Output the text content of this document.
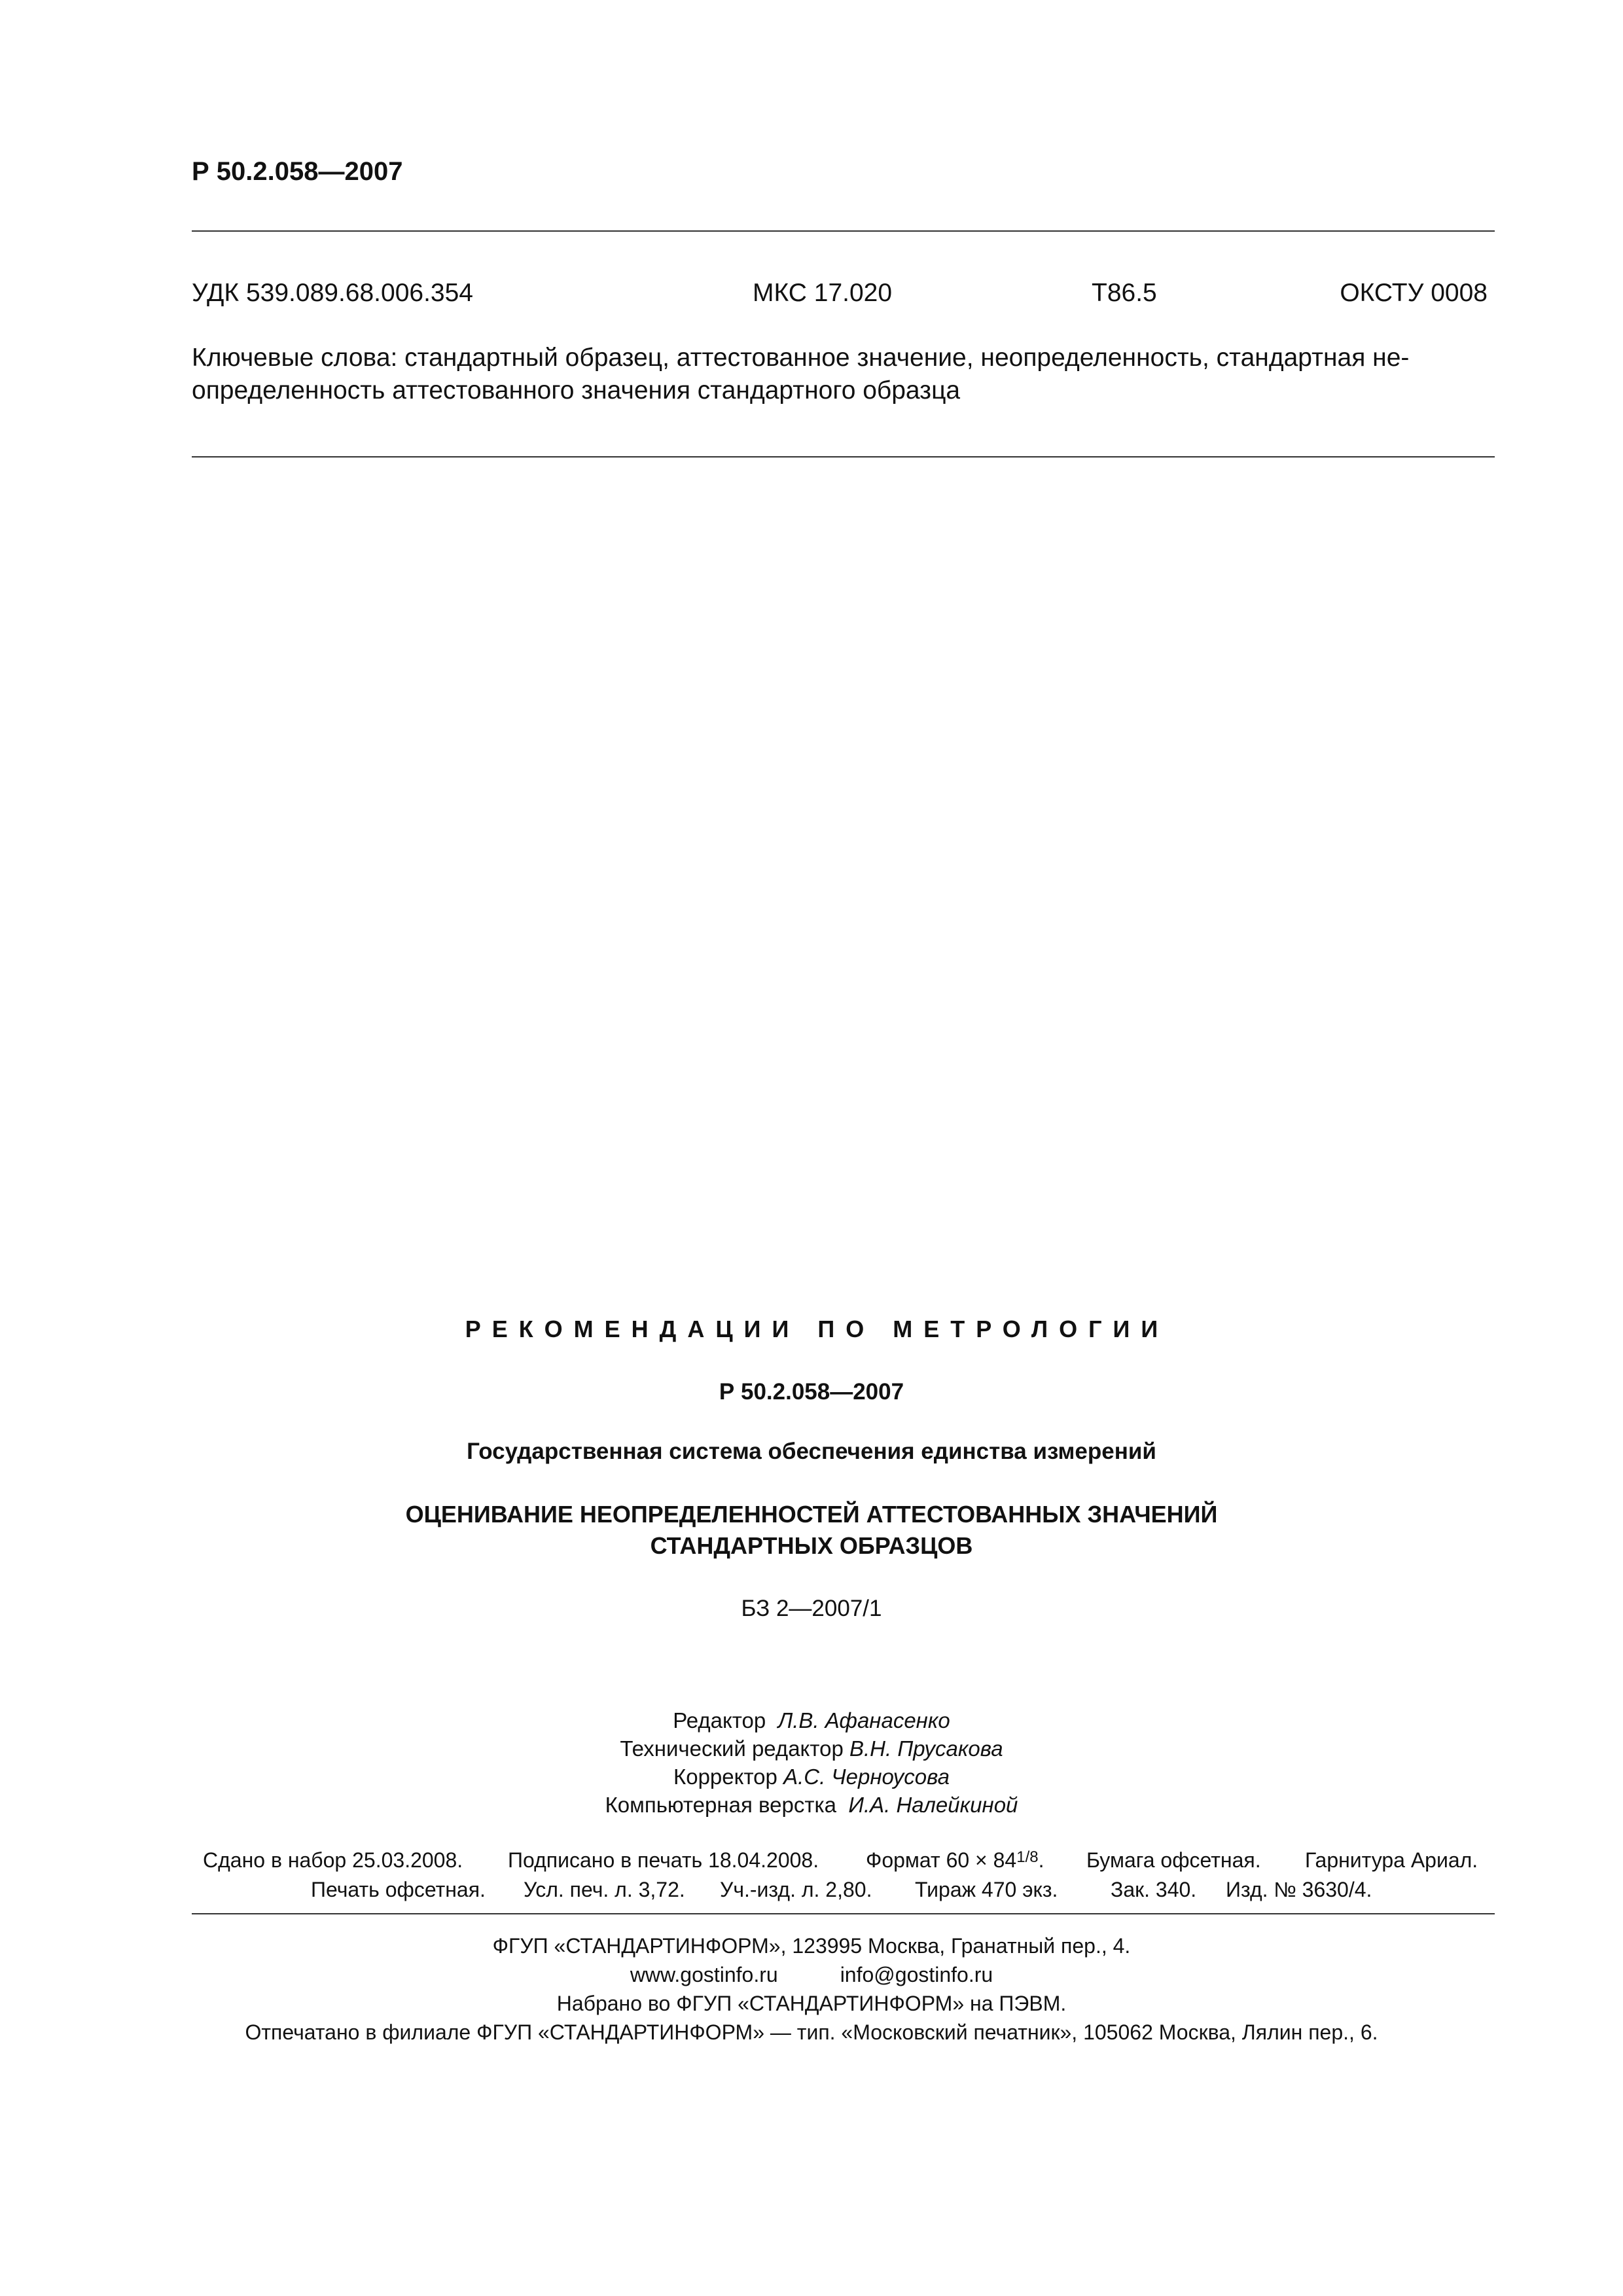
Р 50.2.058—2007
УДК 539.089.68.006.354	МКС 17.020	Т86.5	ОКСТУ 0008
Ключевые слова: стандартный образец, аттестованное значение, неопределенность, стандартная не-
определенность аттестованного значения стандартного образца
РЕКОМЕНДАЦИИ ПО МЕТРОЛОГИИ
Р 50.2.058—2007
Государственная система обеспечения единства измерений
ОЦЕНИВАНИЕ НЕОПРЕДЕЛЕННОСТЕЙ АТТЕСТОВАННЫХ ЗНАЧЕНИЙ
СТАНДАРТНЫХ ОБРАЗЦОВ
БЗ 2—2007/1
Редактор Л.В. Афанасенко
Технический редактор В.Н. Прусакова
Корректор А.С. Черноусова
Компьютерная верстка И.А. Налейкиной
Сдано в набор 25.03.2008. Подписано в печать 18.04.2008. Формат $60 \times 84^{1/8}$. Бумага офсетная. Гарнитура Ариал.
Печать офсетная. Усл. печ. л. 3,72. Уч.-изд. л. 2,80. Тираж 470 экз.	Зак. 340. Изд. № 3630/4.
ФГУП «СТАНДАРТИНФОРМ», 123995 Москва, Гранатный пер., 4.
www.gostinfo.ru	info@gostinfo.ru
Набрано во ФГУП «СТАНДАРТИНФОРМ» на ПЭВМ.
Отпечатано в филиале ФГУП «СТАНДАРТИНФОРМ» — тип. «Московский печатник», 105062 Москва, Лялин пер., 6.
